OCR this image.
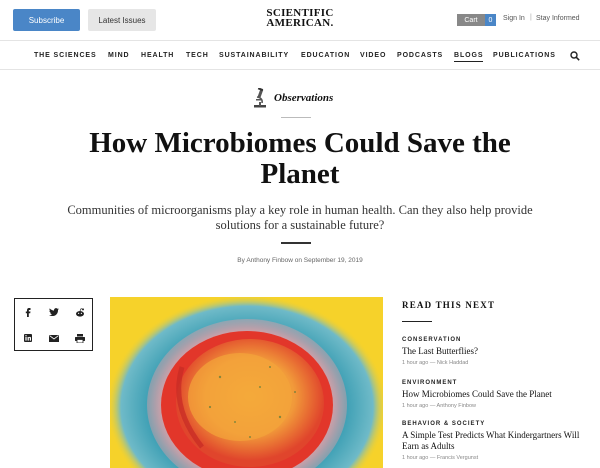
Subscribe	Latest Issues
SCIENTIFIC
AMERICAN.	Cart	0	Sign In | Stay Informed
THE SCIENCES MIND HEALTH TECH SUSTAINABILITY EDUCATION VIDEO PODCASTS BLOGS PUBLICATIONS
Observations
How Microbiomes Could Save the Planet

Communities of microorganisms play a key role in human health. Can they also help provide solutions for a sustainable future?

By Anthony Finbow on September 19, 2019

READ THIS NEXT
CONSERVATION
The Last Butterflies?
1 hour ago — Nick Haddad
ENVIRONMENT
How Microbiomes Could Save the Planet
1 hour ago — Anthony Finbow
BEHAVIOR & SOCIETY
A Simple Test Predicts What Kindergartners Will Earn as Adults
1 hour ago — Francis Vergunst
